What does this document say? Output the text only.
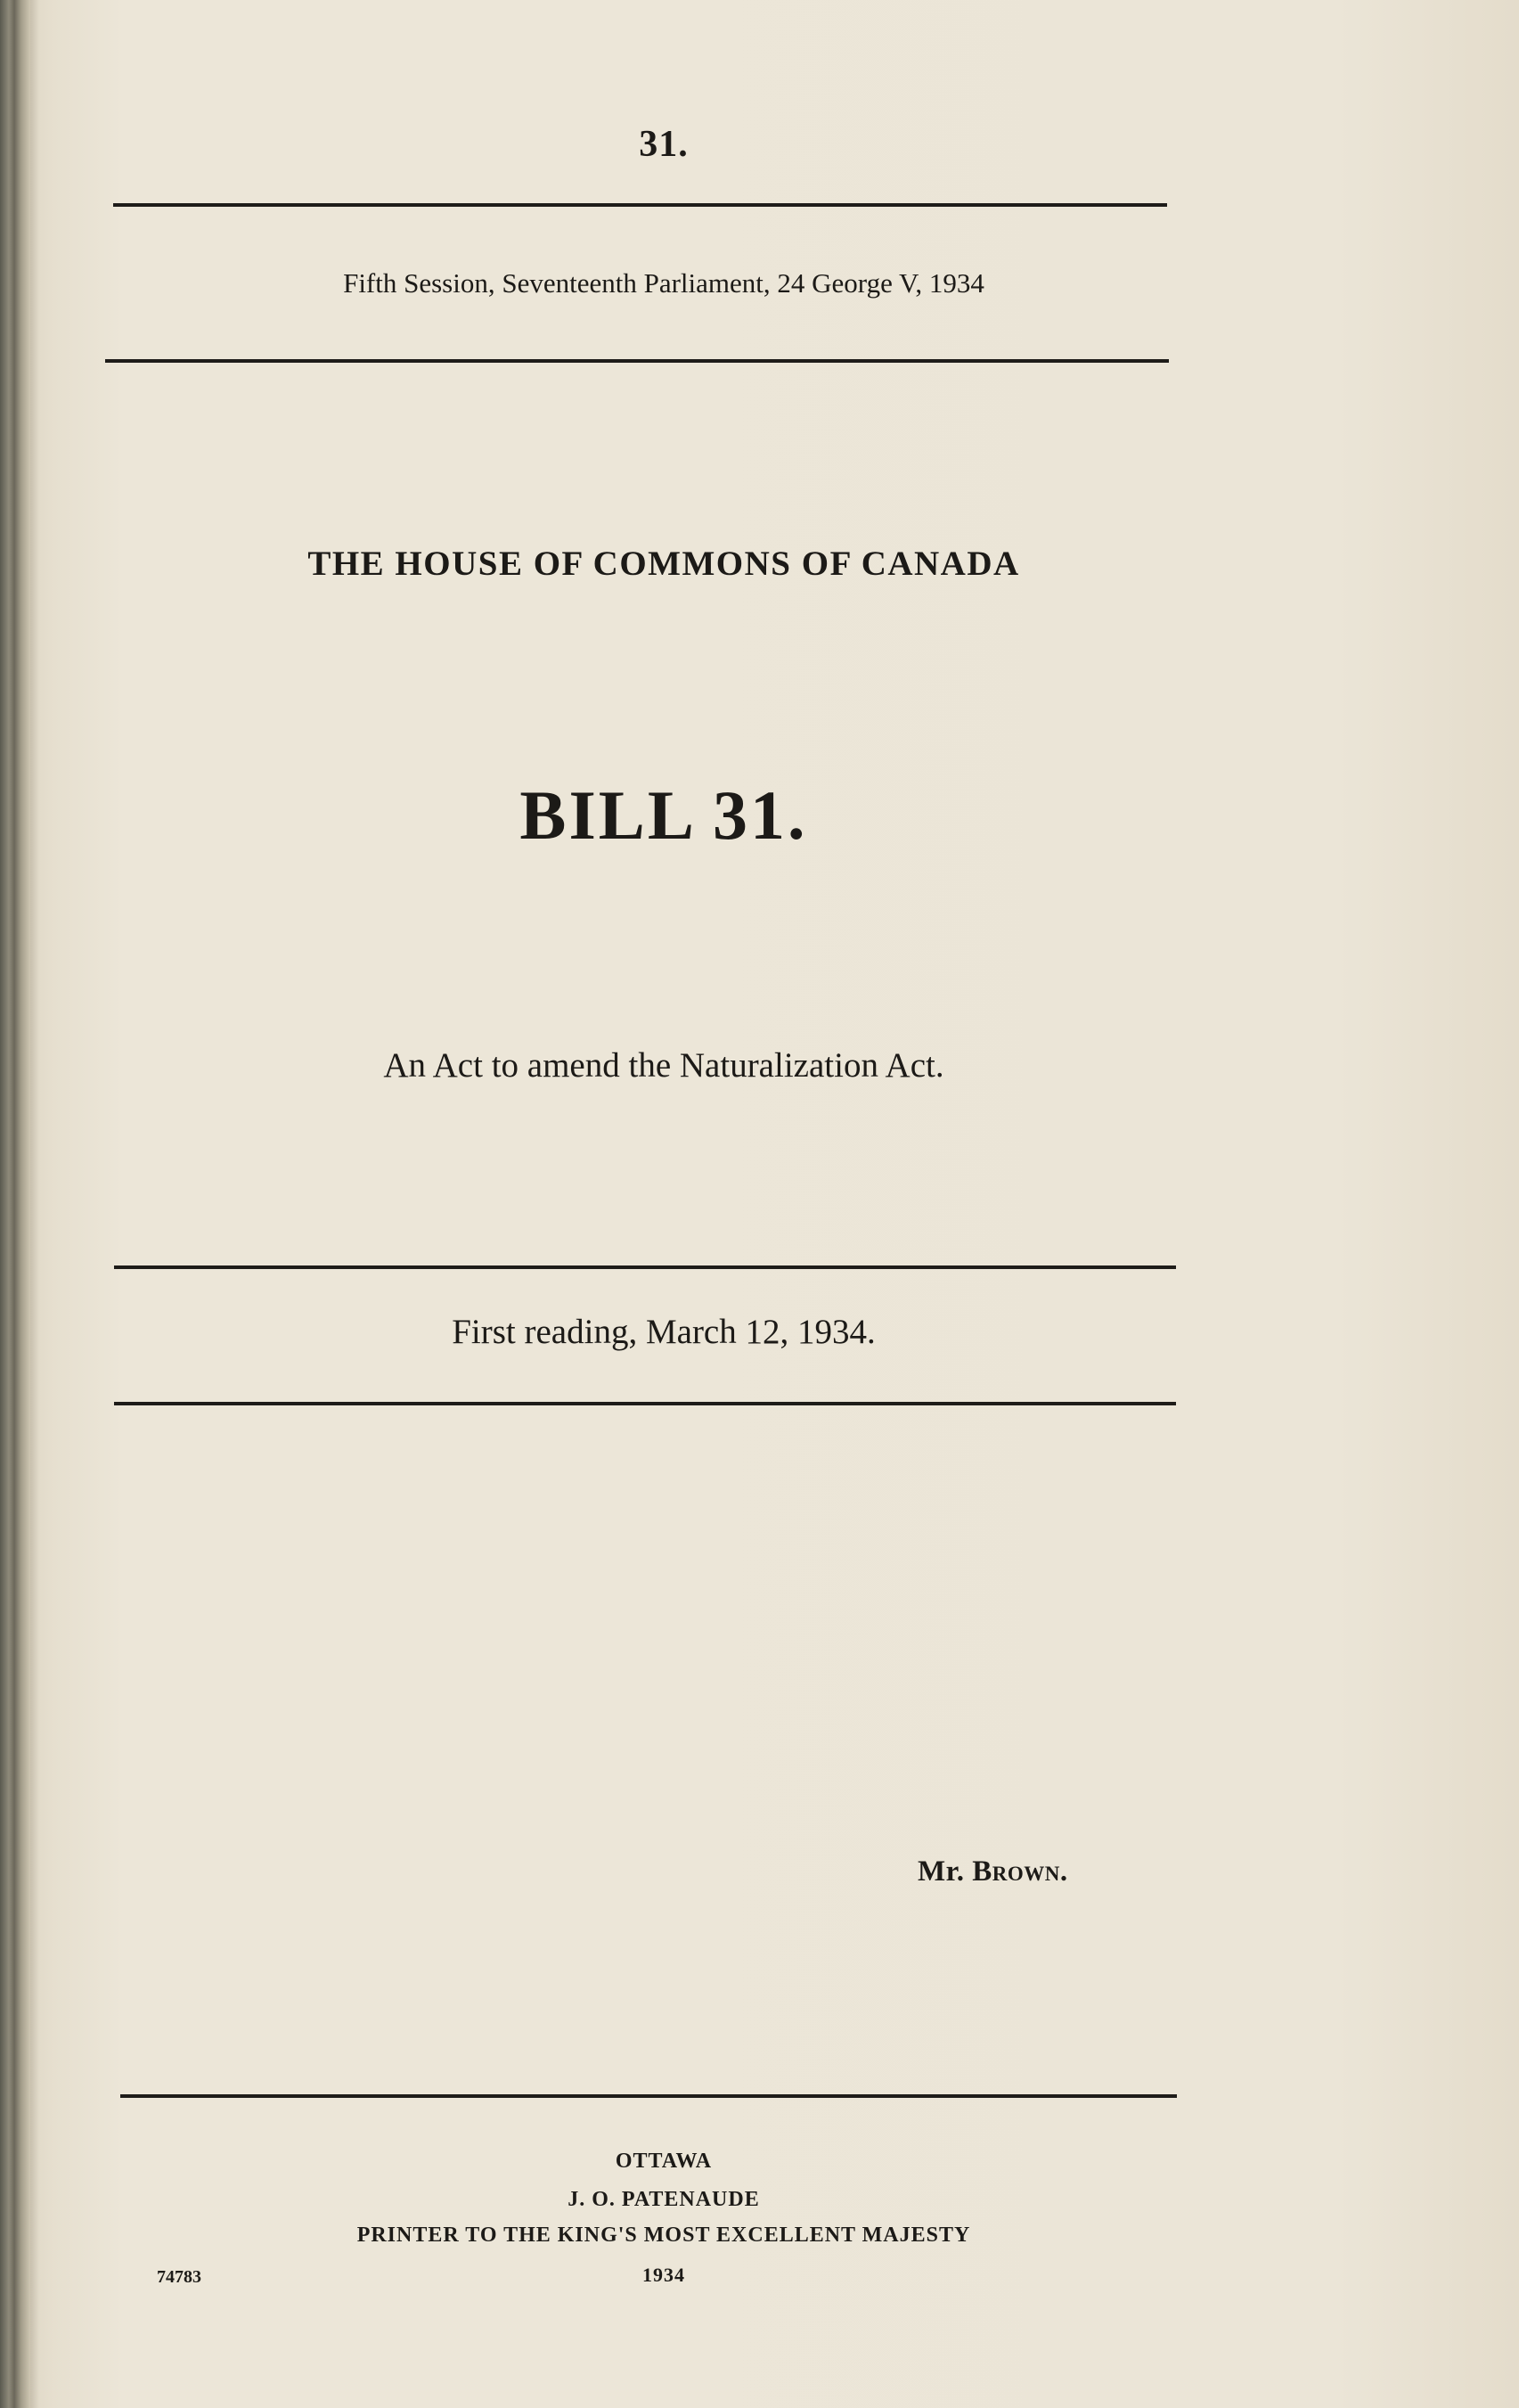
31.
Fifth Session, Seventeenth Parliament, 24 George V, 1934
THE HOUSE OF COMMONS OF CANADA
BILL 31.
An Act to amend the Naturalization Act.
First reading, March 12, 1934.
Mr. Brown.
OTTAWA
J. O. PATENAUDE
PRINTER TO THE KING'S MOST EXCELLENT MAJESTY
1934
74783
